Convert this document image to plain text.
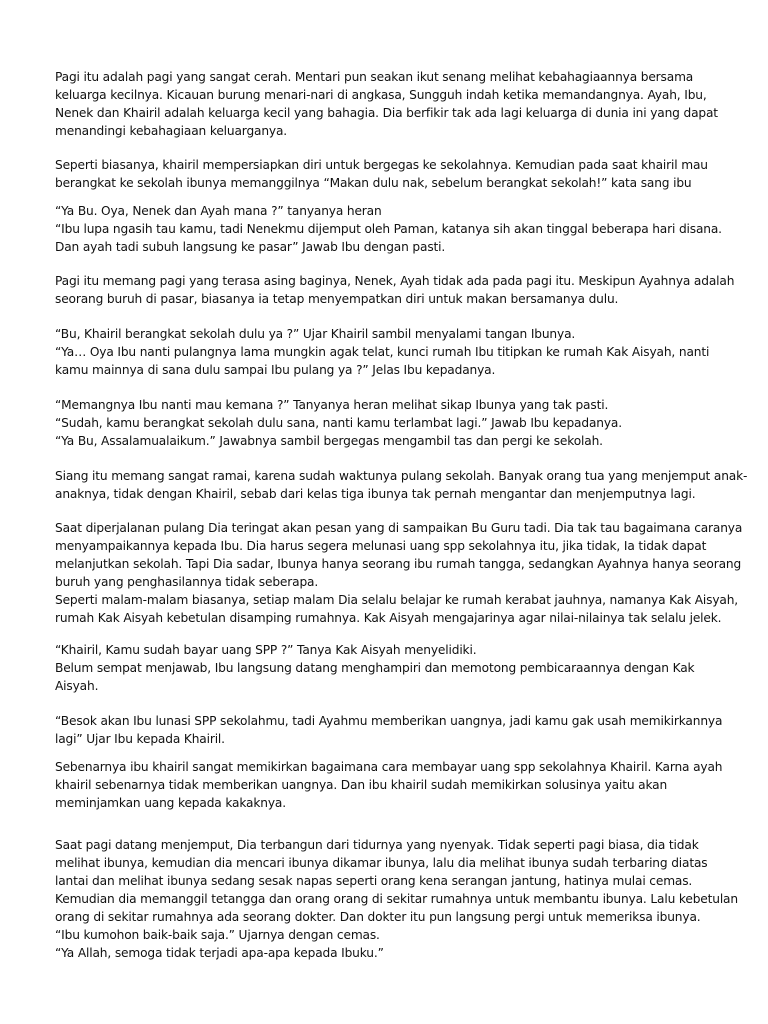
Pagi itu adalah pagi yang sangat cerah. Mentari pun seakan ikut senang melihat kebahagiaannya bersama

keluarga kecilnya. Kicauan burung menari-nari di angkasa, Sungguh indah ketika memandangnya. Ayah, Ibu,

Nenek dan Khairil adalah keluarga kecil yang bahagia. Dia berfikir tak ada lagi keluarga di dunia ini yang dapat

menandingi kebahagiaan keluarganya.

Seperti biasanya, khairil mempersiapkan diri untuk bergegas ke sekolahnya. Kemudian pada saat khairil mau

berangkat ke sekolah ibunya memanggilnya “Makan dulu nak, sebelum berangkat sekolah!” kata sang ibu

“Ya Bu. Oya, Nenek dan Ayah mana ?” tanyanya heran

“Ibu lupa ngasih tau kamu, tadi Nenekmu dijemput oleh Paman, katanya sih akan tinggal beberapa hari disana.

Dan ayah tadi subuh langsung ke pasar” Jawab Ibu dengan pasti.

Pagi itu memang pagi yang terasa asing baginya, Nenek, Ayah tidak ada pada pagi itu. Meskipun Ayahnya adalah

seorang buruh di pasar, biasanya ia tetap menyempatkan diri untuk makan bersamanya dulu.

“Bu, Khairil berangkat sekolah dulu ya ?” Ujar Khairil sambil menyalami tangan Ibunya.

“Ya… Oya Ibu nanti pulangnya lama mungkin agak telat, kunci rumah Ibu titipkan ke rumah Kak Aisyah, nanti

kamu mainnya di sana dulu sampai Ibu pulang ya ?” Jelas Ibu kepadanya.

“Memangnya Ibu nanti mau kemana ?” Tanyanya heran melihat sikap Ibunya yang tak pasti.

“Sudah, kamu berangkat sekolah dulu sana, nanti kamu terlambat lagi.” Jawab Ibu kepadanya.

“Ya Bu, Assalamualaikum.” Jawabnya sambil bergegas mengambil tas dan pergi ke sekolah.

Siang itu memang sangat ramai, karena sudah waktunya pulang sekolah. Banyak orang tua yang menjemput anak-

anaknya, tidak dengan Khairil, sebab dari kelas tiga ibunya tak pernah mengantar dan menjemputnya lagi.

Saat diperjalanan pulang Dia teringat akan pesan yang di sampaikan Bu Guru tadi. Dia tak tau bagaimana caranya

menyampaikannya kepada Ibu. Dia harus segera melunasi uang spp sekolahnya itu, jika tidak, Ia tidak dapat

melanjutkan sekolah. Tapi Dia sadar, Ibunya hanya seorang ibu rumah tangga, sedangkan Ayahnya hanya seorang

buruh yang penghasilannya tidak seberapa.

Seperti malam-malam biasanya, setiap malam Dia selalu belajar ke rumah kerabat jauhnya, namanya Kak Aisyah,

rumah Kak Aisyah kebetulan disamping rumahnya. Kak Aisyah mengajarinya agar nilai-nilainya tak selalu jelek.

“Khairil, Kamu sudah bayar uang SPP ?” Tanya Kak Aisyah menyelidiki.

Belum sempat menjawab, Ibu langsung datang menghampiri dan memotong pembicaraannya dengan Kak

Aisyah.

“Besok akan Ibu lunasi SPP sekolahmu, tadi Ayahmu memberikan uangnya, jadi kamu gak usah memikirkannya

lagi” Ujar Ibu kepada Khairil.

Sebenarnya ibu khairil sangat memikirkan bagaimana cara membayar uang spp sekolahnya Khairil. Karna ayah

khairil sebenarnya tidak memberikan uangnya. Dan ibu khairil sudah memikirkan solusinya yaitu akan

meminjamkan uang kepada kakaknya.

Saat pagi datang menjemput, Dia terbangun dari tidurnya yang nyenyak. Tidak seperti pagi biasa, dia tidak

melihat ibunya, kemudian dia mencari ibunya dikamar ibunya, lalu dia melihat ibunya sudah terbaring diatas

lantai dan melihat ibunya sedang sesak napas seperti orang kena serangan jantung, hatinya mulai cemas.

Kemudian dia memanggil tetangga dan orang orang di sekitar rumahnya untuk membantu ibunya. Lalu kebetulan

orang di sekitar rumahnya ada seorang dokter. Dan dokter itu pun langsung pergi untuk memeriksa ibunya.

“Ibu kumohon baik-baik saja.” Ujarnya dengan cemas.

“Ya Allah, semoga tidak terjadi apa-apa kepada Ibuku.”
